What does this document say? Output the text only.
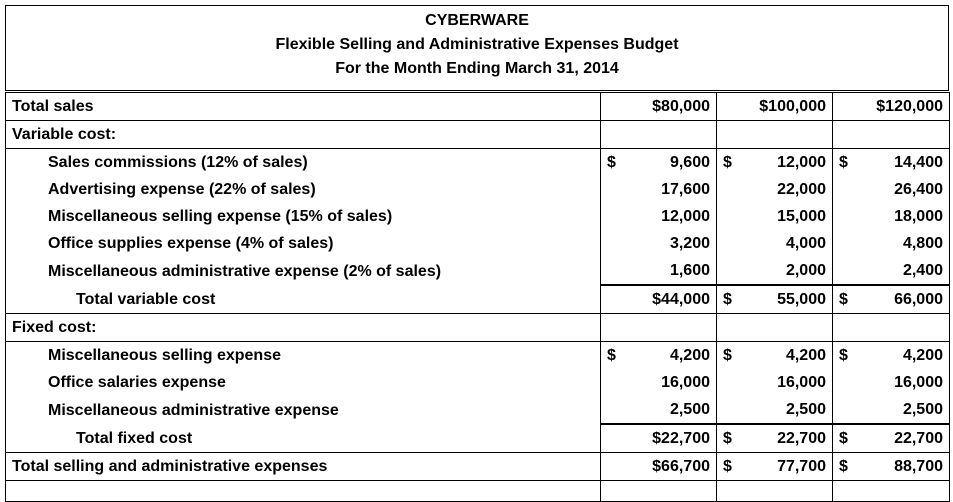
CYBERWARE
Flexible Selling and Administrative Expenses Budget
For the Month Ending March 31, 2014
Total sales	$80,000	$100,000	$120,000
Variable cost:			
Sales commissions (12% of sales)	$ 9,600	$ 12,000	$ 14,400

Advertising expense (22% of sales)	17,600	22,000	26,400
Miscellaneous selling expense (15% of sales)	12,000	15,000	18,000
Office supplies expense (4% of sales)	3,200	4,000	4,800
Miscellaneous administrative expense (2% of sales)	1,600	2,000	2,400
Total variable cost	$44,000	$ 55,000	$ 66,000

Fixed cost:			
Miscellaneous selling expense	$ 4,200	$ 4,200	$ 4,200

Office salaries expense	16,000	16,000	16,000
Miscellaneous administrative expense	2,500	2,500	2,500
Total fixed cost	$22,700	$ 22,700	$ 22,700

Total selling and administrative expenses	$66,700	$ 77,700	$ 88,700
